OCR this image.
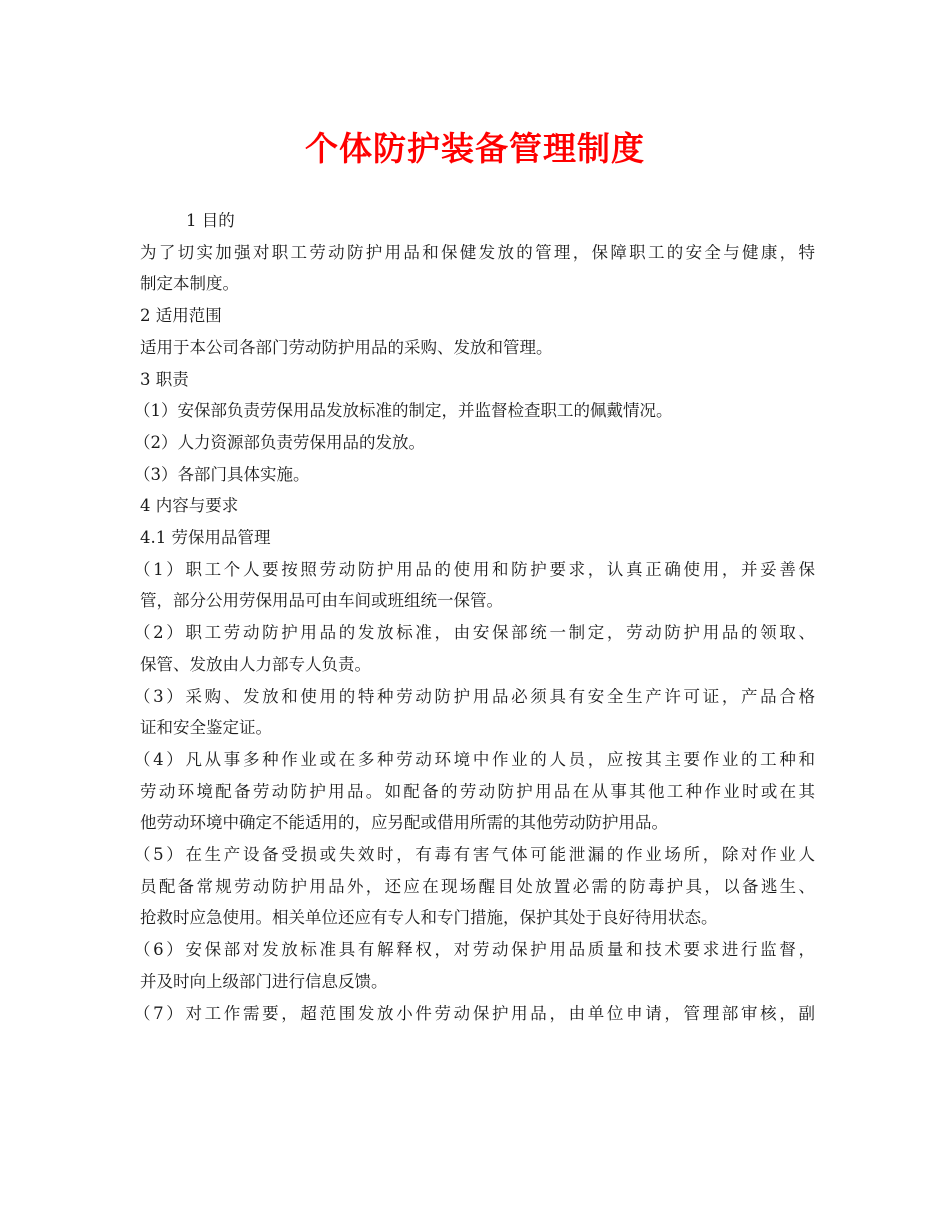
个体防护装备管理制度

1 目的

为了切实加强对职工劳动防护用品和保健发放的管理，保障职工的安全与健康，特

制定本制度。

2 适用范围

适用于本公司各部门劳动防护用品的采购、发放和管理。

3 职责

（1）安保部负责劳保用品发放标准的制定，并监督检查职工的佩戴情况。

（2）人力资源部负责劳保用品的发放。

（3）各部门具体实施。

4 内容与要求

4.1 劳保用品管理

（1）职工个人要按照劳动防护用品的使用和防护要求，认真正确使用，并妥善保

管，部分公用劳保用品可由车间或班组统一保管。

（2）职工劳动防护用品的发放标准，由安保部统一制定，劳动防护用品的领取、

保管、发放由人力部专人负责。

（3）采购、发放和使用的特种劳动防护用品必须具有安全生产许可证，产品合格

证和安全鉴定证。

（4）凡从事多种作业或在多种劳动环境中作业的人员，应按其主要作业的工种和

劳动环境配备劳动防护用品。如配备的劳动防护用品在从事其他工种作业时或在其

他劳动环境中确定不能适用的，应另配或借用所需的其他劳动防护用品。

（5）在生产设备受损或失效时，有毒有害气体可能泄漏的作业场所，除对作业人

员配备常规劳动防护用品外，还应在现场醒目处放置必需的防毒护具，以备逃生、

抢救时应急使用。相关单位还应有专人和专门措施，保护其处于良好待用状态。

（6）安保部对发放标准具有解释权，对劳动保护用品质量和技术要求进行监督，

并及时向上级部门进行信息反馈。

（7）对工作需要，超范围发放小件劳动保护用品，由单位申请，管理部审核，副
